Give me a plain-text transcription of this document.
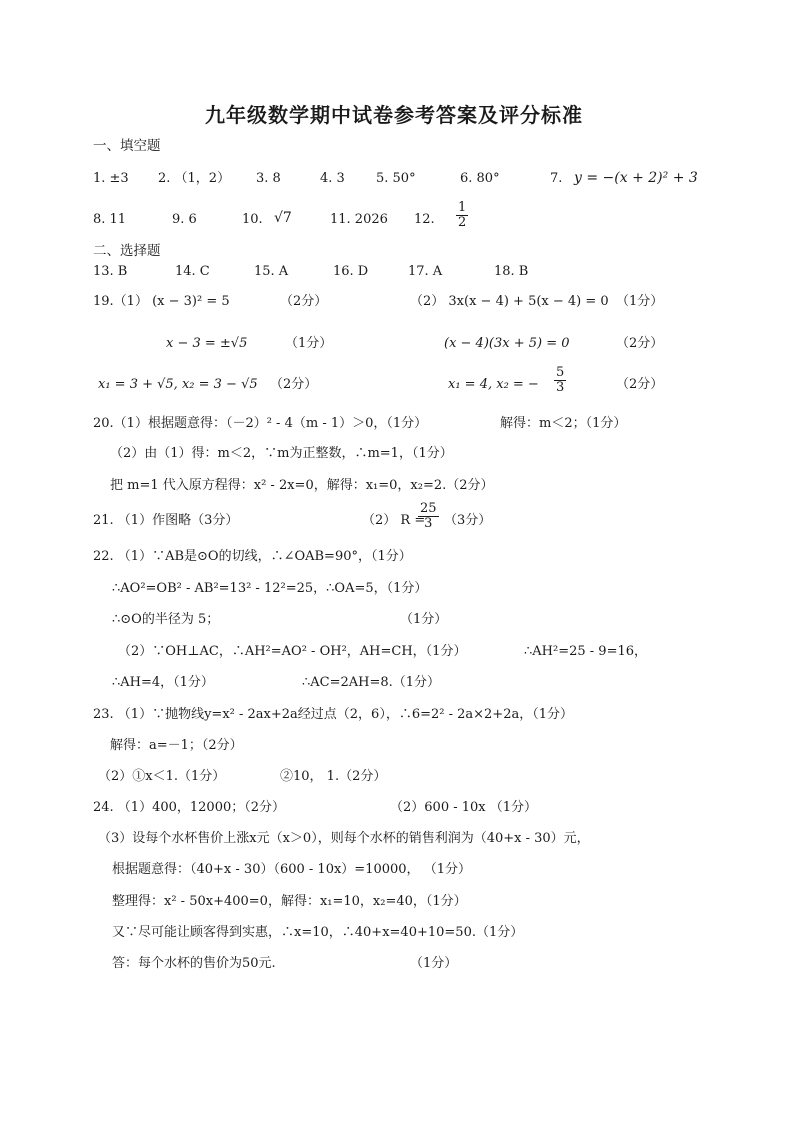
九年级数学期中试卷参考答案及评分标准
一、填空题
1. ±3 2. （1，2） 3. 8	4. 3 5. 50°	6. 80°	7. y = −(x + 2)² + 3
8. 11	9. 6	10. √7	11. 2026 12. $\frac{1}{2}$
二、选择题
13. B	14. C	15. A	16. D	17. A	18. B
19.（1） (x − 3)² = 5	（2分）	（2） 3x(x − 4) + 5(x − 4) = 0 （1分）
x − 3 = ±√5	（1分）	(x − 4)(3x + 5) = 0	（2分）
x₁ = 3 + √5, x₂ = 3 − √5 （2分）	x₁ = 4, x₂ = − $\frac{5}{3}$	（2分）
20.（1）根据题意得：（－2）² - 4（m - 1）＞0，（1分）	解得：m＜2；（1分）
（2）由（1）得：m＜2，∵m为正整数，∴m=1，（1分）
把 m=1 代入原方程得：x² - 2x=0，解得：x₁=0，x₂=2.（2分）
21. （1）作图略（3分）	（2） R =
$\frac{25}{3} (3$分）
22. （1）∵AB是⊙O的切线，∴∠OAB=90°，（1分）
∴AO²=OB² - AB²=13² - 12²=25，∴OA=5，（1分）
∴⊙O的半径为 5；	（1分）
（2）∵OH⊥AC，∴AH²=AO² - OH²，AH=CH，（1分）	∴AH²=25 - 9=16，
∴AH=4，（1分）	∴AC=2AH=8.（1分）
23. （1）∵抛物线y=x² - 2ax+2a经过点（2，6），∴6=2² - 2a×2+2a，（1分）
解得：a=－1；（2分）
（2）①x＜1.（1分）	②10， 1.（2分）
24. （1）400，12000；（2分）	（2）600 - 10x （1分）
（3）设每个水杯售价上涨x元（x＞0），则每个水杯的销售利润为（40+x - 30）元，
根据题意得：（40+x - 30）（600 - 10x）=10000， （1分）
整理得：x² - 50x+400=0，解得：x₁=10，x₂=40，（1分）
又∵尽可能让顾客得到实惠，∴x=10，∴40+x=40+10=50.（1分）
答：每个水杯的售价为50元.	（1分）
